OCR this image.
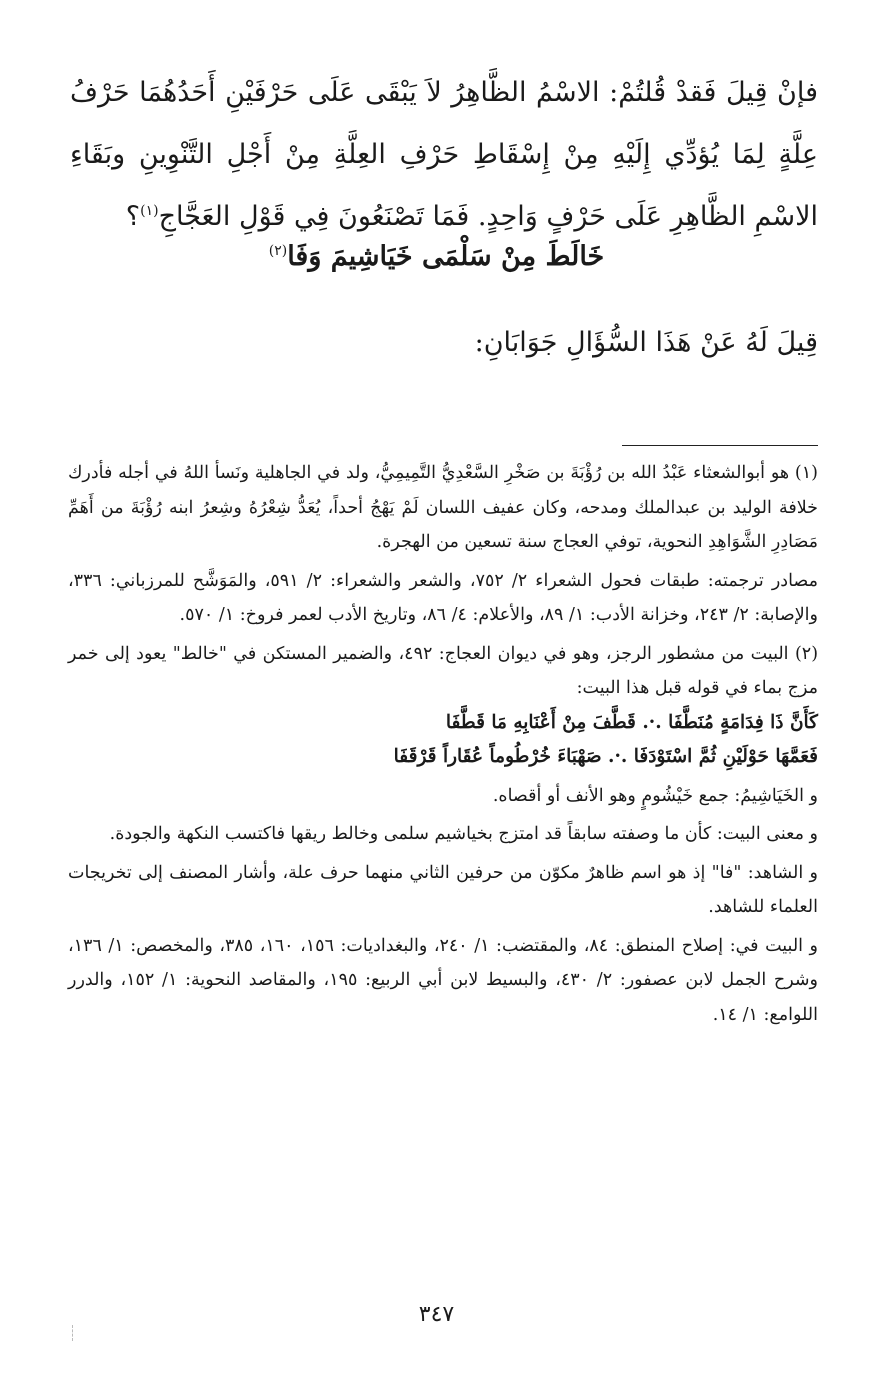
فإنْ قِيلَ فَقدْ قُلتُمْ: الاسْمُ الظَّاهِرُ لاَ يَبْقَى عَلَى حَرْفَيْنِ أَحَدُهُمَا حَرْفُ عِلَّةٍ لِمَا يُؤدِّي إِلَيْهِ مِنْ إِسْقَاطِ حَرْفِ العِلَّةِ مِنْ أَجْلِ التَّنْوِينِ وبَقَاءِ الاسْمِ الظَّاهِرِ عَلَى حَرْفٍ وَاحِدٍ. فَمَا تَصْنَعُونَ فِي قَوْلِ العَجَّاجِ$^{(١)}$؟
خَالَطَ مِنْ سَلْمَى خَيَاشِيمَ وَفَا$^{(٢)}$
قِيلَ لَهُ عَنْ هَذَا السُّؤَالِ جَوَابَانِ:

(١) هو أبوالشعثاء عَبْدُ الله بن رُؤْبَةَ بن صَخْرِ السَّعْدِيُّ التَّمِيمِيُّ، ولد في الجاهلية ونَسأ اللهُ في أجله فأدرك خلافة الوليد بن عبدالملك ومدحه، وكان عفيف اللسان لَمْ يَهْجُ أحداً، يُعَدُّ شِعْرُهُ وشِعرُ ابنه رُؤْبَةَ من أَهَمِّ مَصَادِرِ الشَّوَاهِدِ النحوية، توفي العجاج سنة تسعين من الهجرة.

مصادر ترجمته: طبقات فحول الشعراء ٢/ ٧٥٢، والشعر والشعراء: ٢/ ٥٩١، والمَوَشَّح للمرزباني: ٣٣٦، والإصابة: ٢/ ٢٤٣، وخزانة الأدب: ١/ ٨٩، والأعلام: ٤/ ٨٦، وتاريخ الأدب لعمر فروخ: ١/ ٥٧٠.

(٢) البيت من مشطور الرجز، وهو في ديوان العجاج: ٤٩٢، والضمير المستكن في "خالط" يعود إلى خمر مزج بماء في قوله قبل هذا البيت:

كَأَنَّ ذَا فِدَامَةٍ مُنَطَّفَا .·. قَطَّفَ مِنْ أَعْنَابِهِ مَا قَطَّفَا

فَعَمَّهَا حَوْلَيْنِ ثُمَّ اسْتَوْدَفَا .·. صَهْبَاءَ خُرْطُوماً عُقَاراً قَرْقَفَا

و الخَيَاشِيمُ: جمع خَيْشُومٍ وهو الأنف أو أقصاه.

و معنى البيت: كأن ما وصفته سابقاً قد امتزج بخياشيم سلمى وخالط ريقها فاكتسب النكهة والجودة.

و الشاهد: "فا" إذ هو اسم ظاهرٌ مكوّن من حرفين الثاني منهما حرف علة، وأشار المصنف إلى تخريجات العلماء للشاهد.

و البيت في: إصلاح المنطق: ٨٤، والمقتضب: ١/ ٢٤٠، والبغداديات: ١٥٦، ١٦٠، ٣٨٥، والمخصص: ١/ ١٣٦، وشرح الجمل لابن عصفور: ٢/ ٤٣٠، والبسيط لابن أبي الربيع: ١٩٥، والمقاصد النحوية: ١/ ١٥٢، والدرر اللوامع: ١/ ١٤.

٣٤٧
